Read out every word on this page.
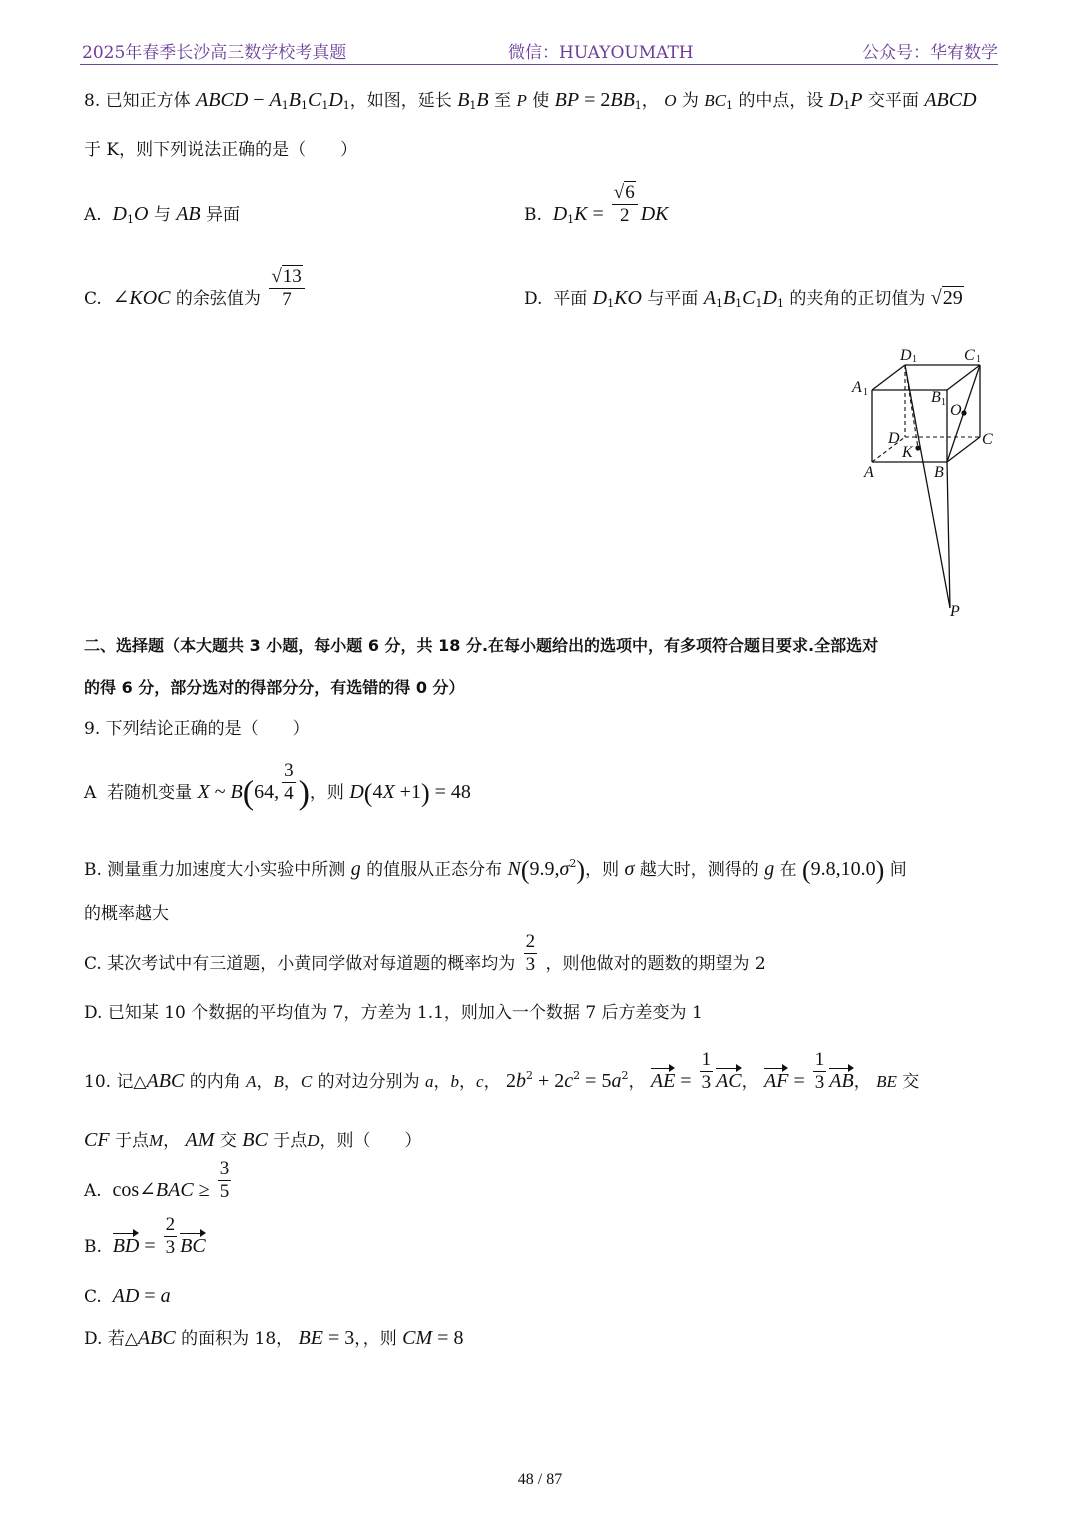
2025年春季长沙高三数学校考真题	微信：HUAYOUMATH	公众号：华宥数学
8. 已知正方体 ABCD − $A_1B_1C_1D_1$，如图，延长 $B_1B$ 至 P 使 BP = $2BB_1$， O 为 $BC_1$ 的中点，设 $D_1P$ 交平面 ABCD
于 K，则下列说法正确的是（　　）
A. $D_1O$ 与 AB 异面	B. $D_1K = \frac{√6}{2}$ DK
C. ∠KOC 的余弦值为 $\frac{√13}{7}$	D. 平面 $D_1KO$ 与平面 $A_1B_1C_1D_1$ 的夹角的正切值为 √29
D 1	C 1
A 1	B 1 O
D	C
K
A	B
P
二、选择题（本大题共 3 小题，每小题 6 分，共 18 分.在每小题给出的选项中，有多项符合题目要求.全部选对
的得 6 分，部分选对的得部分分，有选错的得 0 分）
9. 下列结论正确的是（　　）
A 若随机变量 X ~ B(64, $\frac{3}{4}$ )，则 D(4X +1) = 48
B. 测量重力加速度大小实验中所测 g 的值服从正态分布 $N(9.9,\sigma^2)$，则 σ 越大时，测得的 g 在 (9.8,10.0) 间
的概率越大
C. 某次考试中有三道题，小黄同学做对每道题的概率均为 $\frac{2}{3}$ ，则他做对的题数的期望为 2
D. 已知某 10 个数据的平均值为 7，方差为 1.1，则加入一个数据 7 后方差变为 1
10. 记△ABC 的内角 A，B，C 的对边分别为 a，b，c， $2b^2 + 2c^2 = 5a^2$， AE = $\frac{1}{3}$ AC， AF = $\frac{1}{3}$ AB， BE 交
CF 于点M， AM 交 BC 于点D，则（　　）
A. cos∠BAC ≥ $\frac{3}{5}$
B. BD = $\frac{2}{3}$ BC
C. AD = a
D. 若△ABC 的面积为 18， BE = 3，，则 CM = 8
48 / 87
